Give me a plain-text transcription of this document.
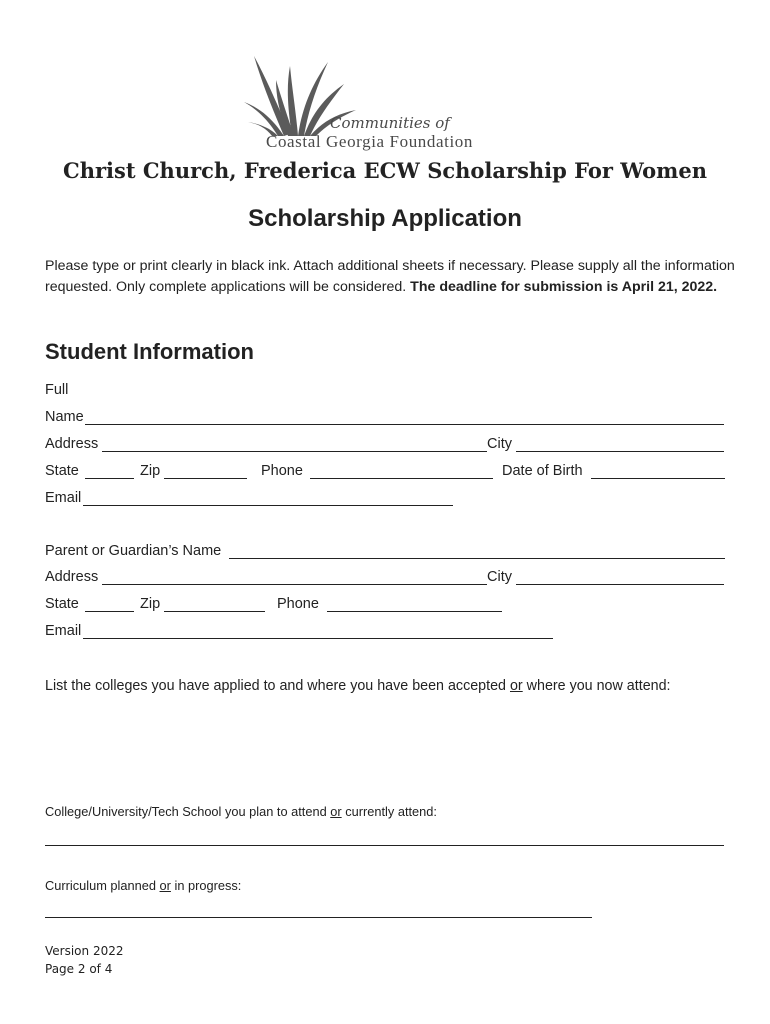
Communities of
Coastal Georgia Foundation
Christ Church, Frederica ECW Scholarship For Women
Scholarship Application
Please type or print clearly in black ink. Attach additional sheets if necessary. Please supply all the information requested. Only complete applications will be considered. The deadline for submission is April 21, 2022.
Student Information
Full
Name
Address	City
State	Zip	Phone	Date of Birth
Email
Parent or Guardian’s Name
Address	City
State	Zip	Phone
Email
List the colleges you have applied to and where you have been accepted or where you now attend:
College/University/Tech School you plan to attend or currently attend:
Curriculum planned or in progress:
Version 2022
Page 2 of 4
